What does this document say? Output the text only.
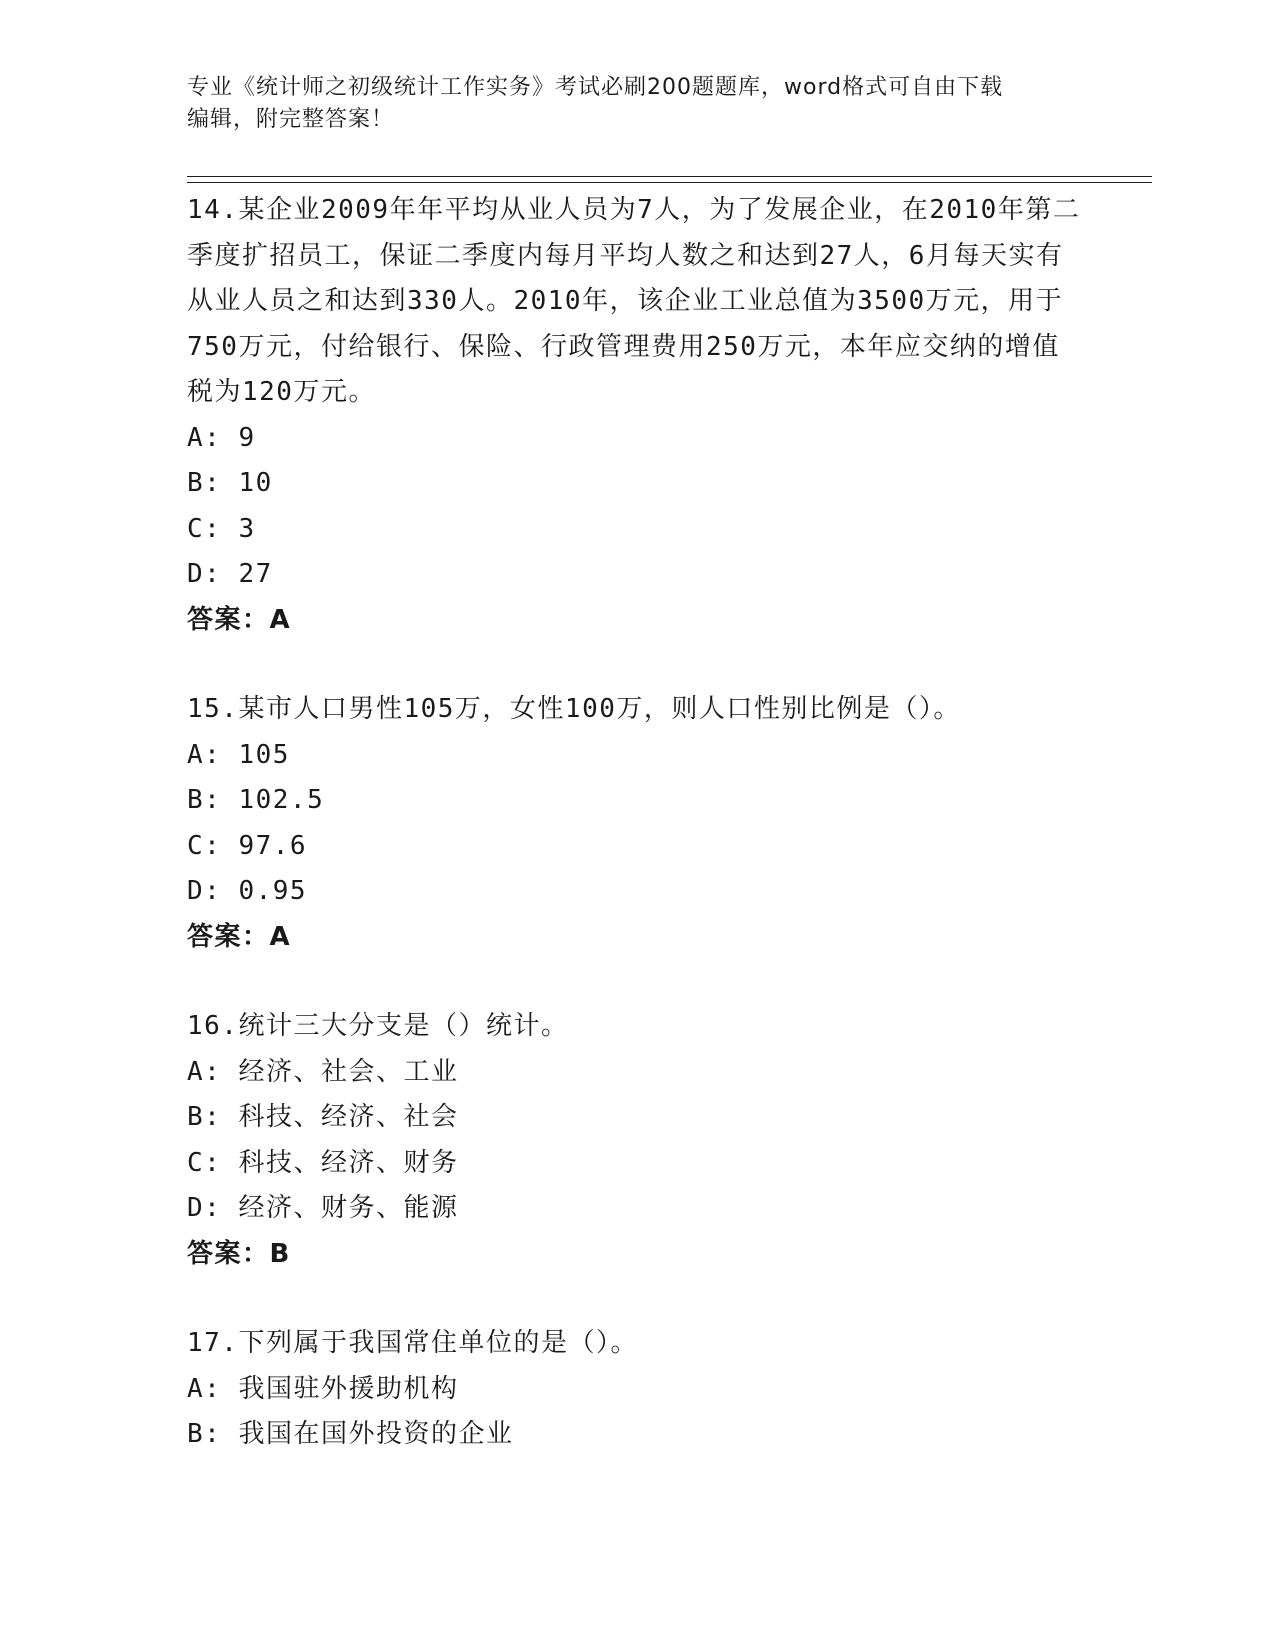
专业《统计师之初级统计工作实务》考试必刷200题题库，word格式可自由下载
编辑，附完整答案！
14.某企业2009年年平均从业人员为7人，为了发展企业，在2010年第二季度扩招员工，保证二季度内每月平均人数之和达到27人，6月每天实有从业人员之和达到330人。2010年，该企业工业总值为3500万元，用于750万元，付给银行、保险、行政管理费用250万元，本年应交纳的增值税为120万元。
A: 9
B: 10
C: 3
D: 27
答案：A
15.某市人口男性105万，女性100万，则人口性别比例是（）。
A: 105
B: 102.5
C: 97.6
D: 0.95
答案：A
16.统计三大分支是（）统计。
A: 经济、社会、工业
B: 科技、经济、社会
C: 科技、经济、财务
D: 经济、财务、能源
答案：B
17.下列属于我国常住单位的是（）。
A: 我国驻外援助机构
B: 我国在国外投资的企业
